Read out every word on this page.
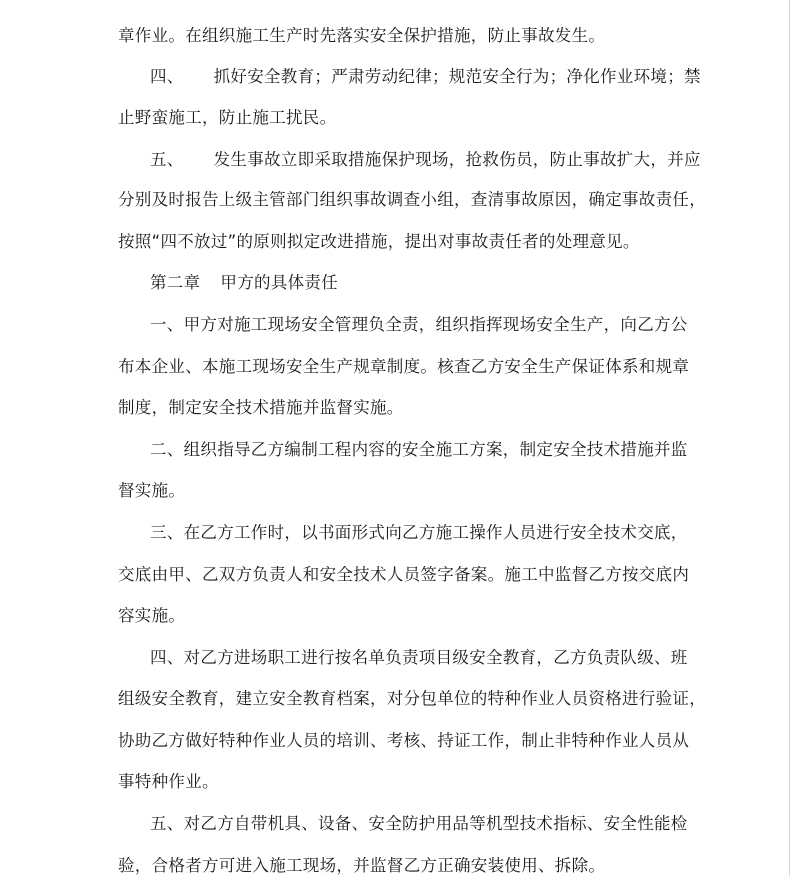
章作业。在组织施工生产时先落实安全保护措施，防止事故发生。
四、 抓好安全教育；严肃劳动纪律；规范安全行为；净化作业环境；禁
止野蛮施工，防止施工扰民。
五、 发生事故立即采取措施保护现场，抢救伤员，防止事故扩大，并应
分别及时报告上级主管部门组织事故调查小组，查清事故原因，确定事故责任，
按照“四不放过”的原则拟定改进措施，提出对事故责任者的处理意见。
第二章 甲方的具体责任
一、甲方对施工现场安全管理负全责，组织指挥现场安全生产，向乙方公
布本企业、本施工现场安全生产规章制度。核查乙方安全生产保证体系和规章
制度，制定安全技术措施并监督实施。
二、组织指导乙方编制工程内容的安全施工方案，制定安全技术措施并监
督实施。
三、在乙方工作时，以书面形式向乙方施工操作人员进行安全技术交底，
交底由甲、乙双方负责人和安全技术人员签字备案。施工中监督乙方按交底内
容实施。
四、对乙方进场职工进行按名单负责项目级安全教育，乙方负责队级、班
组级安全教育，建立安全教育档案，对分包单位的特种作业人员资格进行验证，
协助乙方做好特种作业人员的培训、考核、持证工作，制止非特种作业人员从
事特种作业。
五、对乙方自带机具、设备、安全防护用品等机型技术指标、安全性能检
验，合格者方可进入施工现场，并监督乙方正确安装使用、拆除。
